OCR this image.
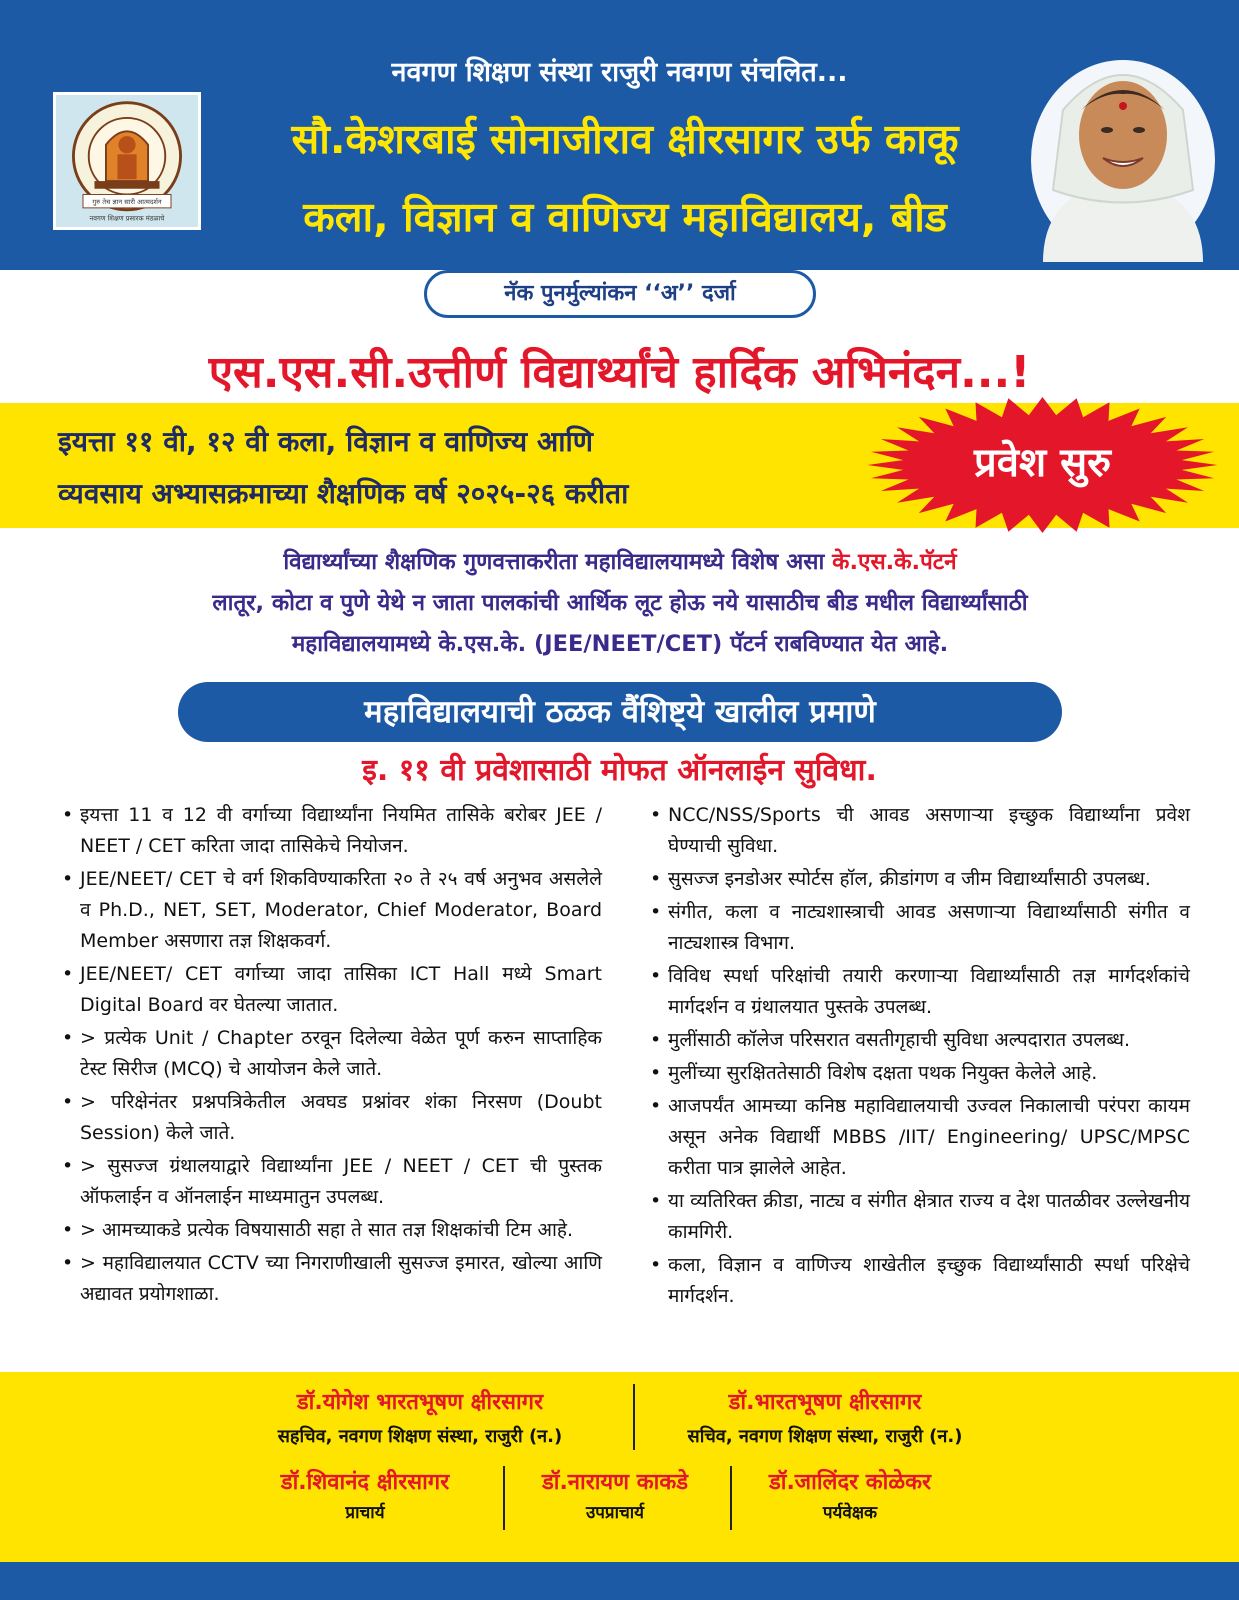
नवगण शिक्षण संस्था राजुरी नवगण संचलित...
गुरु तेच ज्ञान सारी आत्मदर्शन
नवगण शिक्षण प्रसारक मंडळाचे
सौ.केशरबाई सोनाजीराव क्षीरसागर उर्फ काकू
कला, विज्ञान व वाणिज्य महाविद्यालय, बीड
नॅक पुनर्मुल्यांकन ‘‘अ’’ दर्जा
एस.एस.सी.उत्तीर्ण विद्यार्थ्यांचे हार्दिक अभिनंदन...!
इयत्ता ११ वी, १२ वी कला, विज्ञान व वाणिज्य आणि
व्यवसाय अभ्यासक्रमाच्या शैक्षणिक वर्ष २०२५-२६ करीता
प्रवेश सुरु
विद्यार्थ्यांच्या शैक्षणिक गुणवत्ताकरीता महाविद्यालयामध्ये विशेष असा के.एस.के.पॅटर्न
लातूर, कोटा व पुणे येथे न जाता पालकांची आर्थिक लूट होऊ नये यासाठीच बीड मधील विद्यार्थ्यांसाठी
महाविद्यालयामध्ये के.एस.के. (JEE/NEET/CET) पॅटर्न राबविण्यात येत आहे.
महाविद्यालयाची ठळक वैंशिष्ट्ये खालील प्रमाणे
इ. ११ वी प्रवेशासाठी मोफत ऑनलाईन सुविधा.
• इयत्ता 11 व 12 वी वर्गाच्या विद्यार्थ्यांना नियमित तासिके बरोबर JEE / NEET / CET करिता जादा तासिकेचे नियोजन.
• JEE/NEET/ CET चे वर्ग शिकविण्याकरिता २० ते २५ वर्ष अनुभव असलेले व Ph.D., NET, SET, Moderator, Chief Moderator, Board Member असणारा तज्ञ शिक्षकवर्ग.
• JEE/NEET/ CET वर्गाच्या जादा तासिका ICT Hall मध्ये Smart Digital Board वर घेतल्या जातात.
• > प्रत्येक Unit / Chapter ठरवून दिलेल्या वेळेत पूर्ण करुन साप्ताहिक टेस्ट सिरीज (MCQ) चे आयोजन केले जाते.
• > परिक्षेनंतर प्रश्नपत्रिकेतील अवघड प्रश्नांवर शंका निरसण (Doubt Session) केले जाते.
• > सुसज्ज ग्रंथालयाद्वारे विद्यार्थ्यांना JEE / NEET / CET ची पुस्तक ऑफलाईन व ऑनलाईन माध्यमातुन उपलब्ध.
• > आमच्याकडे प्रत्येक विषयासाठी सहा ते सात तज्ञ शिक्षकांची टिम आहे.
• > महाविद्यालयात CCTV च्या निगराणीखाली सुसज्ज इमारत, खोल्या आणि अद्यावत प्रयोगशाळा.
• NCC/NSS/Sports ची आवड असणाऱ्या इच्छुक विद्यार्थ्यांना प्रवेश घेण्याची सुविधा.
• सुसज्ज इनडोअर स्पोर्टस हॉल, क्रीडांगण व जीम विद्यार्थ्यांसाठी उपलब्ध.
• संगीत, कला व नाट्यशास्त्राची आवड असणाऱ्या विद्यार्थ्यांसाठी संगीत व नाट्यशास्त्र विभाग.
• विविध स्पर्धा परिक्षांची तयारी करणाऱ्या विद्यार्थ्यांसाठी तज्ञ मार्गदर्शकांचे मार्गदर्शन व ग्रंथालयात पुस्तके उपलब्ध.
• मुलींसाठी कॉलेज परिसरात वसतीगृहाची सुविधा अल्पदारात उपलब्ध.
• मुलींच्या सुरक्षिततेसाठी विशेष दक्षता पथक नियुक्त केलेले आहे.
• आजपर्यंत आमच्या कनिष्ठ महाविद्यालयाची उज्वल निकालाची परंपरा कायम असून अनेक विद्यार्थी MBBS /IIT/ Engineering/ UPSC/MPSC करीता पात्र झालेले आहेत.
• या व्यतिरिक्त क्रीडा, नाट्य व संगीत क्षेत्रात राज्य व देश पातळीवर उल्लेखनीय कामगिरी.
• कला, विज्ञान व वाणिज्य शाखेतील इच्छुक विद्यार्थ्यांसाठी स्पर्धा परिक्षेचे मार्गदर्शन.
डॉ.योगेश भारतभूषण क्षीरसागर
सहचिव, नवगण शिक्षण संस्था, राजुरी (न.)
डॉ.भारतभूषण क्षीरसागर
सचिव, नवगण शिक्षण संस्था, राजुरी (न.)
डॉ.शिवानंद क्षीरसागर
प्राचार्य
डॉ.नारायण काकडे
उपप्राचार्य
डॉ.जालिंदर कोळेकर
पर्यवेक्षक
